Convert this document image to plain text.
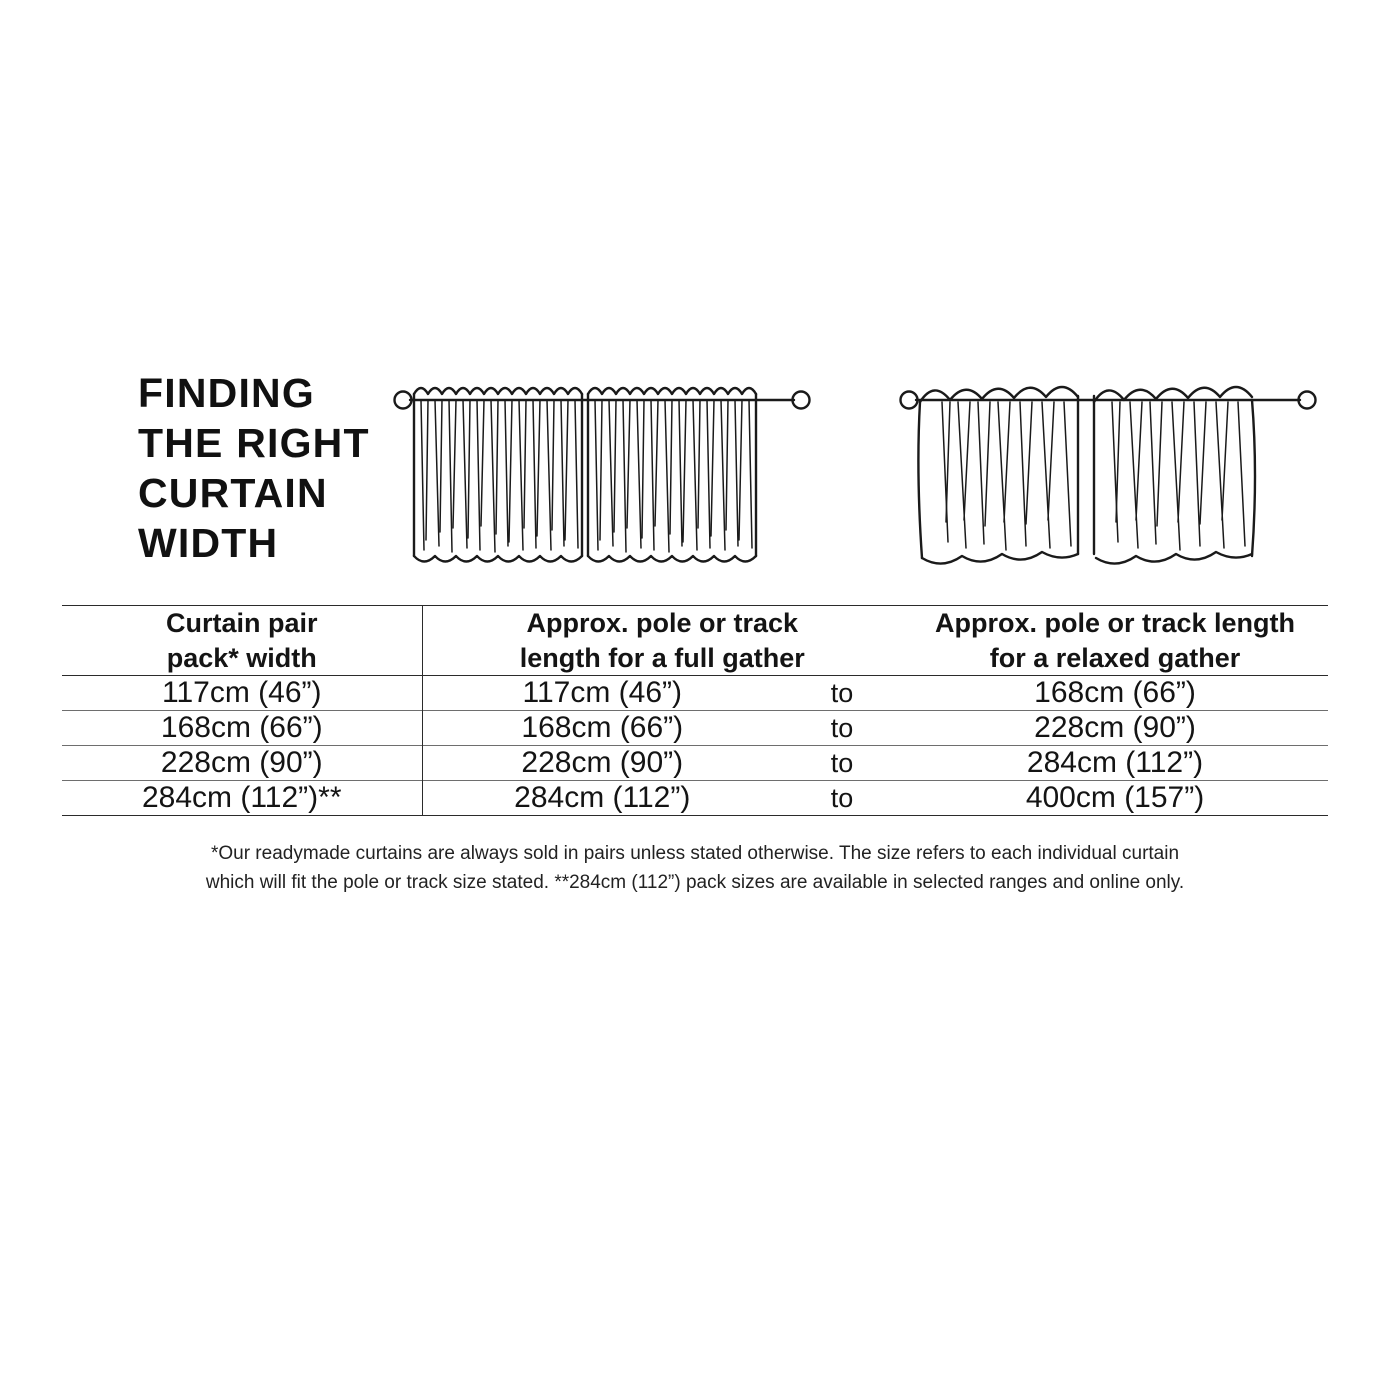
FINDING
THE RIGHT
CURTAIN
WIDTH
Curtain pair
pack* width

Approx. pole or track
length for a full gather

Approx. pole or track length
for a relaxed gather

117cm (46”)	117cm (46”)	to	168cm (66”)
168cm (66”)	168cm (66”)	to	228cm (90”)
228cm (90”)	228cm (90”)	to	284cm (112”)
284cm (112”)**	284cm (112”)	to	400cm (157”)

*Our readymade curtains are always sold in pairs unless stated otherwise. The size refers to each individual curtain
which will fit the pole or track size stated. **284cm (112”) pack sizes are available in selected ranges and online only.
